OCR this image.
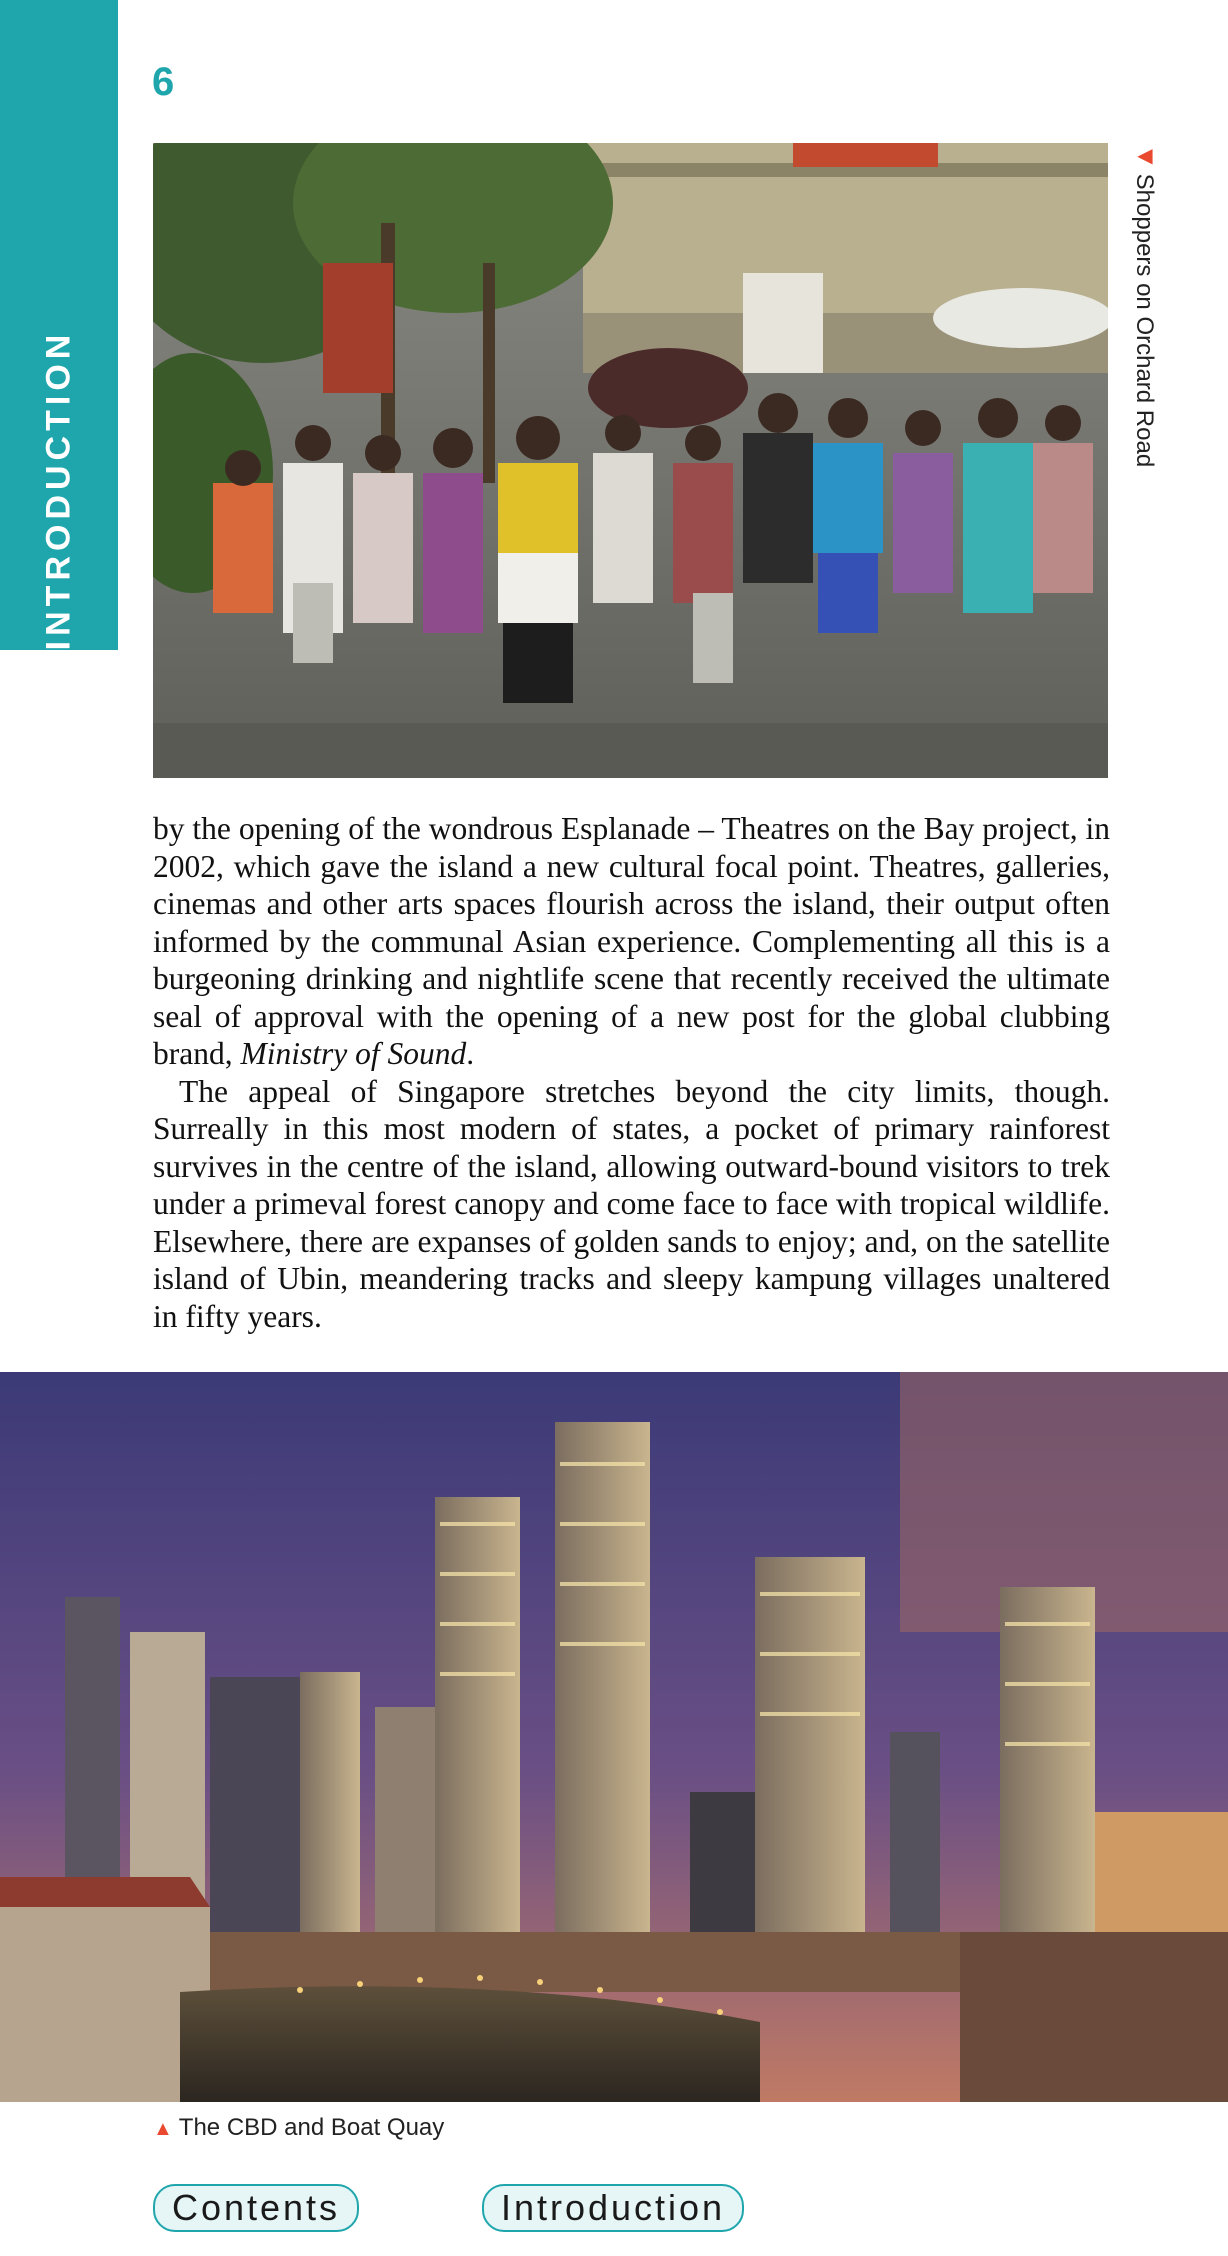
INTRODUCTION
6
◀ Shoppers on Orchard Road

by the opening of the wondrous Esplanade – Theatres on the Bay project, in 2002, which gave the island a new cultural focal point. Theatres, galleries, cinemas and other arts spaces flourish across the island, their output often informed by the communal Asian experience. Complementing all this is a burgeoning drinking and nightlife scene that recently received the ultimate seal of approval with the opening of a new post for the global clubbing brand, Ministry of Sound.

The appeal of Singapore stretches beyond the city limits, though. Surreally in this most modern of states, a pocket of primary rainforest survives in the centre of the island, allowing outward-bound visitors to trek under a primeval forest canopy and come face to face with tropical wildlife. Elsewhere, there are expanses of golden sands to enjoy; and, on the satellite island of Ubin, meandering tracks and sleepy kampung villages unaltered in fifty years.

▲ The CBD and Boat Quay
Contents	Introduction
